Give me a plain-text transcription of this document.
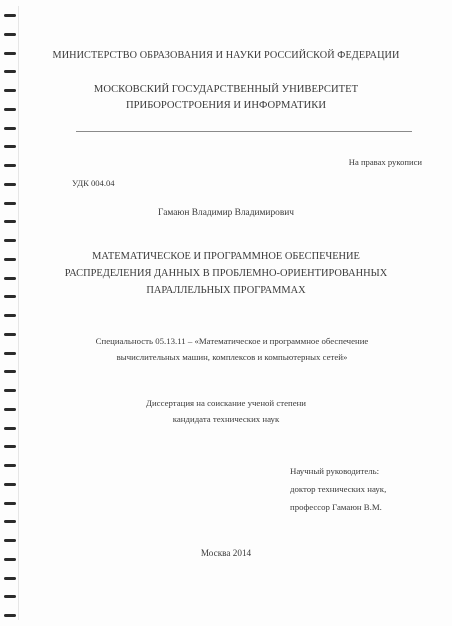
МИНИСТЕРСТВО ОБРАЗОВАНИЯ И НАУКИ РОССИЙСКОЙ ФЕДЕРАЦИИ
МОСКОВСКИЙ ГОСУДАРСТВЕННЫЙ УНИВЕРСИТЕТ
ПРИБОРОСТРОЕНИЯ И ИНФОРМАТИКИ
На правах рукописи
УДК 004.04
Гамаюн Владимир Владимирович
МАТЕМАТИЧЕСКОЕ И ПРОГРАММНОЕ ОБЕСПЕЧЕНИЕ
РАСПРЕДЕЛЕНИЯ ДАННЫХ В ПРОБЛЕМНО-ОРИЕНТИРОВАННЫХ
ПАРАЛЛЕЛЬНЫХ ПРОГРАММАХ
Специальность 05.13.11 – «Математическое и программное обеспечение
вычислительных машин, комплексов и компьютерных сетей»
Диссертация на соискание ученой степени
кандидата технических наук
Научный руководитель:
доктор технических наук,
профессор Гамаюн В.М.
Москва 2014
